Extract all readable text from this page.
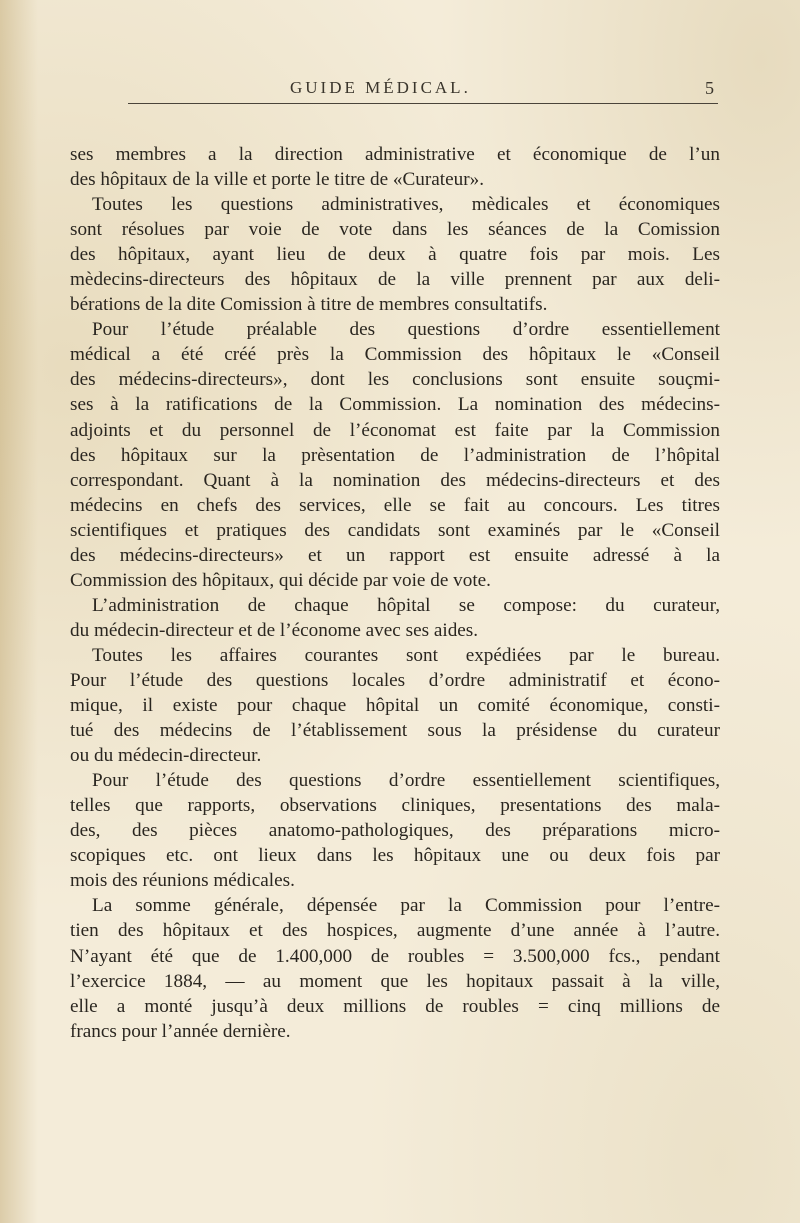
GUIDE MÉDICAL.	5
ses membres a la direction administrative et économique de l’un
des hôpitaux de la ville et porte le titre de «Curateur».
Toutes les questions administratives, mèdicales et économiques
sont résolues par voie de vote dans les séances de la Comission
des hôpitaux, ayant lieu de deux à quatre fois par mois. Les
mèdecins-directeurs des hôpitaux de la ville prennent par aux deli-
bérations de la dite Comission à titre de membres consultatifs.
Pour l’étude préalable des questions d’ordre essentiellement
médical a été créé près la Commission des hôpitaux le «Conseil
des médecins-directeurs», dont les conclusions sont ensuite souçmi-
ses à la ratifications de la Commission. La nomination des médecins-
adjoints et du personnel de l’économat est faite par la Commission
des hôpitaux sur la prèsentation de l’administration de l’hôpital
correspondant. Quant à la nomination des médecins-directeurs et des
médecins en chefs des services, elle se fait au concours. Les titres
scientifiques et pratiques des candidats sont examinés par le «Conseil
des médecins-directeurs» et un rapport est ensuite adressé à la
Commission des hôpitaux, qui décide par voie de vote.
L’administration de chaque hôpital se compose: du curateur,
du médecin-directeur et de l’économe avec ses aides.
Toutes les affaires courantes sont expédiées par le bureau.
Pour l’étude des questions locales d’ordre administratif et écono-
mique, il existe pour chaque hôpital un comité économique, consti-
tué des médecins de l’établissement sous la présidense du curateur
ou du médecin-directeur.
Pour l’étude des questions d’ordre essentiellement scientifiques,
telles que rapports, observations cliniques, presentations des mala-
des, des pièces anatomo-pathologiques, des préparations micro-
scopiques etc. ont lieux dans les hôpitaux une ou deux fois par
mois des réunions médicales.
La somme générale, dépensée par la Commission pour l’entre-
tien des hôpitaux et des hospices, augmente d’une année à l’autre.
N’ayant été que de 1.400,000 de roubles = 3.500,000 fcs., pendant
l’exercice 1884, — au moment que les hopitaux passait à la ville,
elle a monté jusqu’à deux millions de roubles = cinq millions de
francs pour l’année dernière.
